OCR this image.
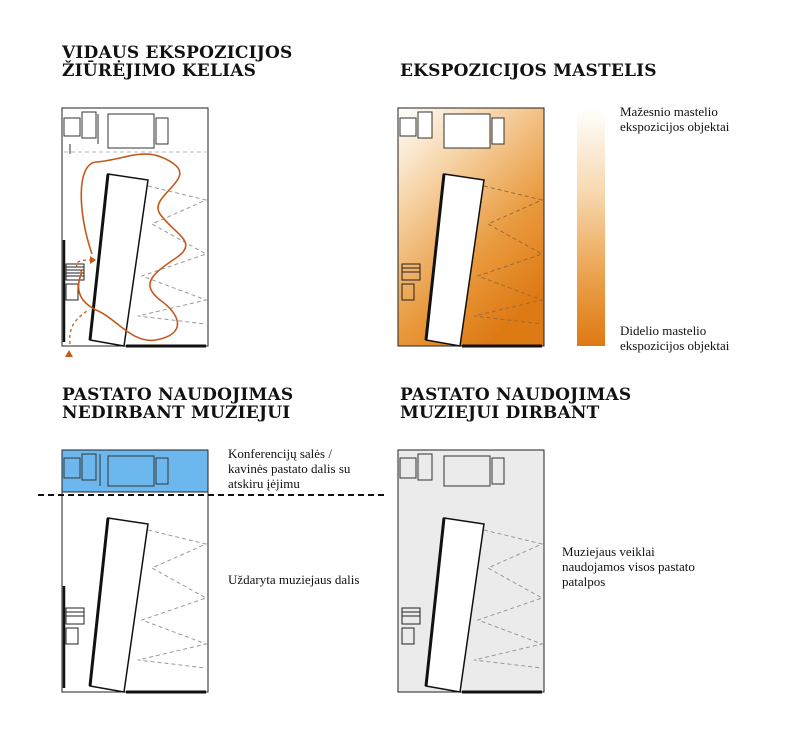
VIDAUS EKSPOZICIJOS
ŽIŪRĖJIMO KELIAS	EKSPOZICIJOS MASTELIS
PASTATO NAUDOJIMAS
NEDIRBANT MUZIEJUI
PASTATO NAUDOJIMAS
MUZIEJUI DIRBANT
Mažesnio mastelio
ekspozicijos objektai
Didelio mastelio
ekspozicijos objektai
Konferencijų salės /
kavinės pastato dalis su
atskiru įėjimu
Uždaryta muziejaus dalis
Muziejaus veiklai
naudojamos visos pastato
patalpos
